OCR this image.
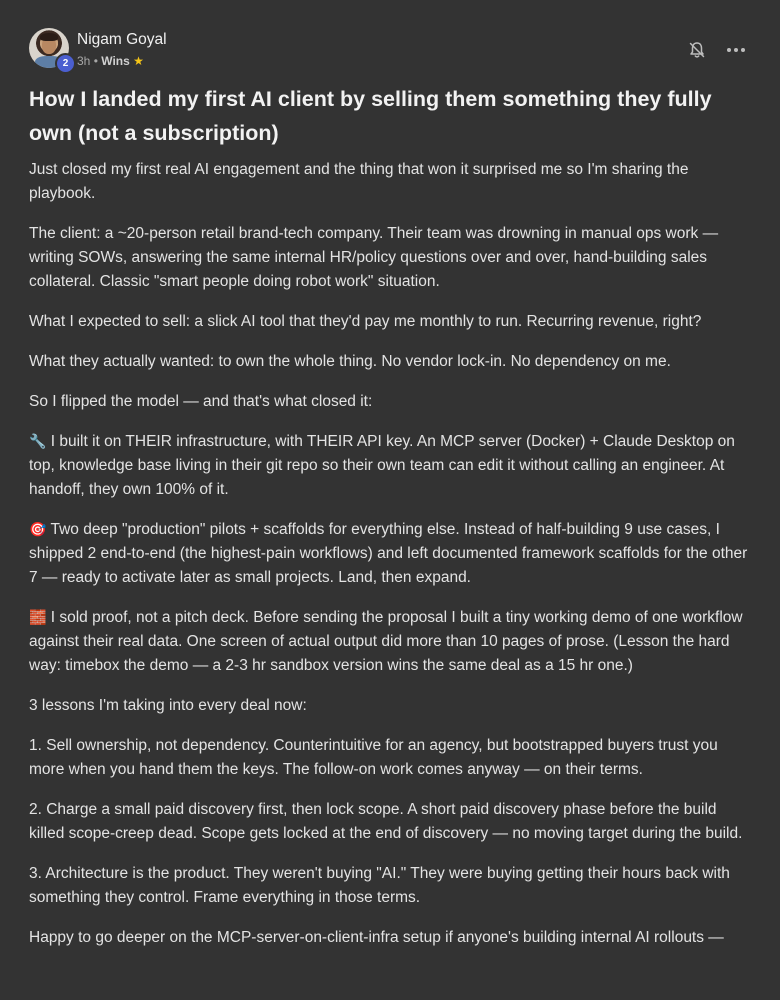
2
Nigam Goyal
3h • Wins ★
How I landed my first AI client by selling them something they fully own (not a subscription)

Just closed my first real AI engagement and the thing that won it surprised me so I'm sharing the playbook.

The client: a ~20-person retail brand-tech company. Their team was drowning in manual ops work — writing SOWs, answering the same internal HR/policy questions over and over, hand-building sales collateral. Classic "smart people doing robot work" situation.

What I expected to sell: a slick AI tool that they'd pay me monthly to run. Recurring revenue, right?

What they actually wanted: to own the whole thing. No vendor lock-in. No dependency on me.

So I flipped the model — and that's what closed it:

🔧 I built it on THEIR infrastructure, with THEIR API key. An MCP server (Docker) + Claude Desktop on top, knowledge base living in their git repo so their own team can edit it without calling an engineer. At handoff, they own 100% of it.

🎯 Two deep "production" pilots + scaffolds for everything else. Instead of half-building 9 use cases, I shipped 2 end-to-end (the highest-pain workflows) and left documented framework scaffolds for the other 7 — ready to activate later as small projects. Land, then expand.

🧱 I sold proof, not a pitch deck. Before sending the proposal I built a tiny working demo of one workflow against their real data. One screen of actual output did more than 10 pages of prose. (Lesson the hard way: timebox the demo — a 2-3 hr sandbox version wins the same deal as a 15 hr one.)

3 lessons I'm taking into every deal now:

1. Sell ownership, not dependency. Counterintuitive for an agency, but bootstrapped buyers trust you more when you hand them the keys. The follow-on work comes anyway — on their terms.

2. Charge a small paid discovery first, then lock scope. A short paid discovery phase before the build killed scope-creep dead. Scope gets locked at the end of discovery — no moving target during the build.

3. Architecture is the product. They weren't buying "AI." They were buying getting their hours back with something they control. Frame everything in those terms.

Happy to go deeper on the MCP-server-on-client-infra setup if anyone's building internal AI rollouts —
